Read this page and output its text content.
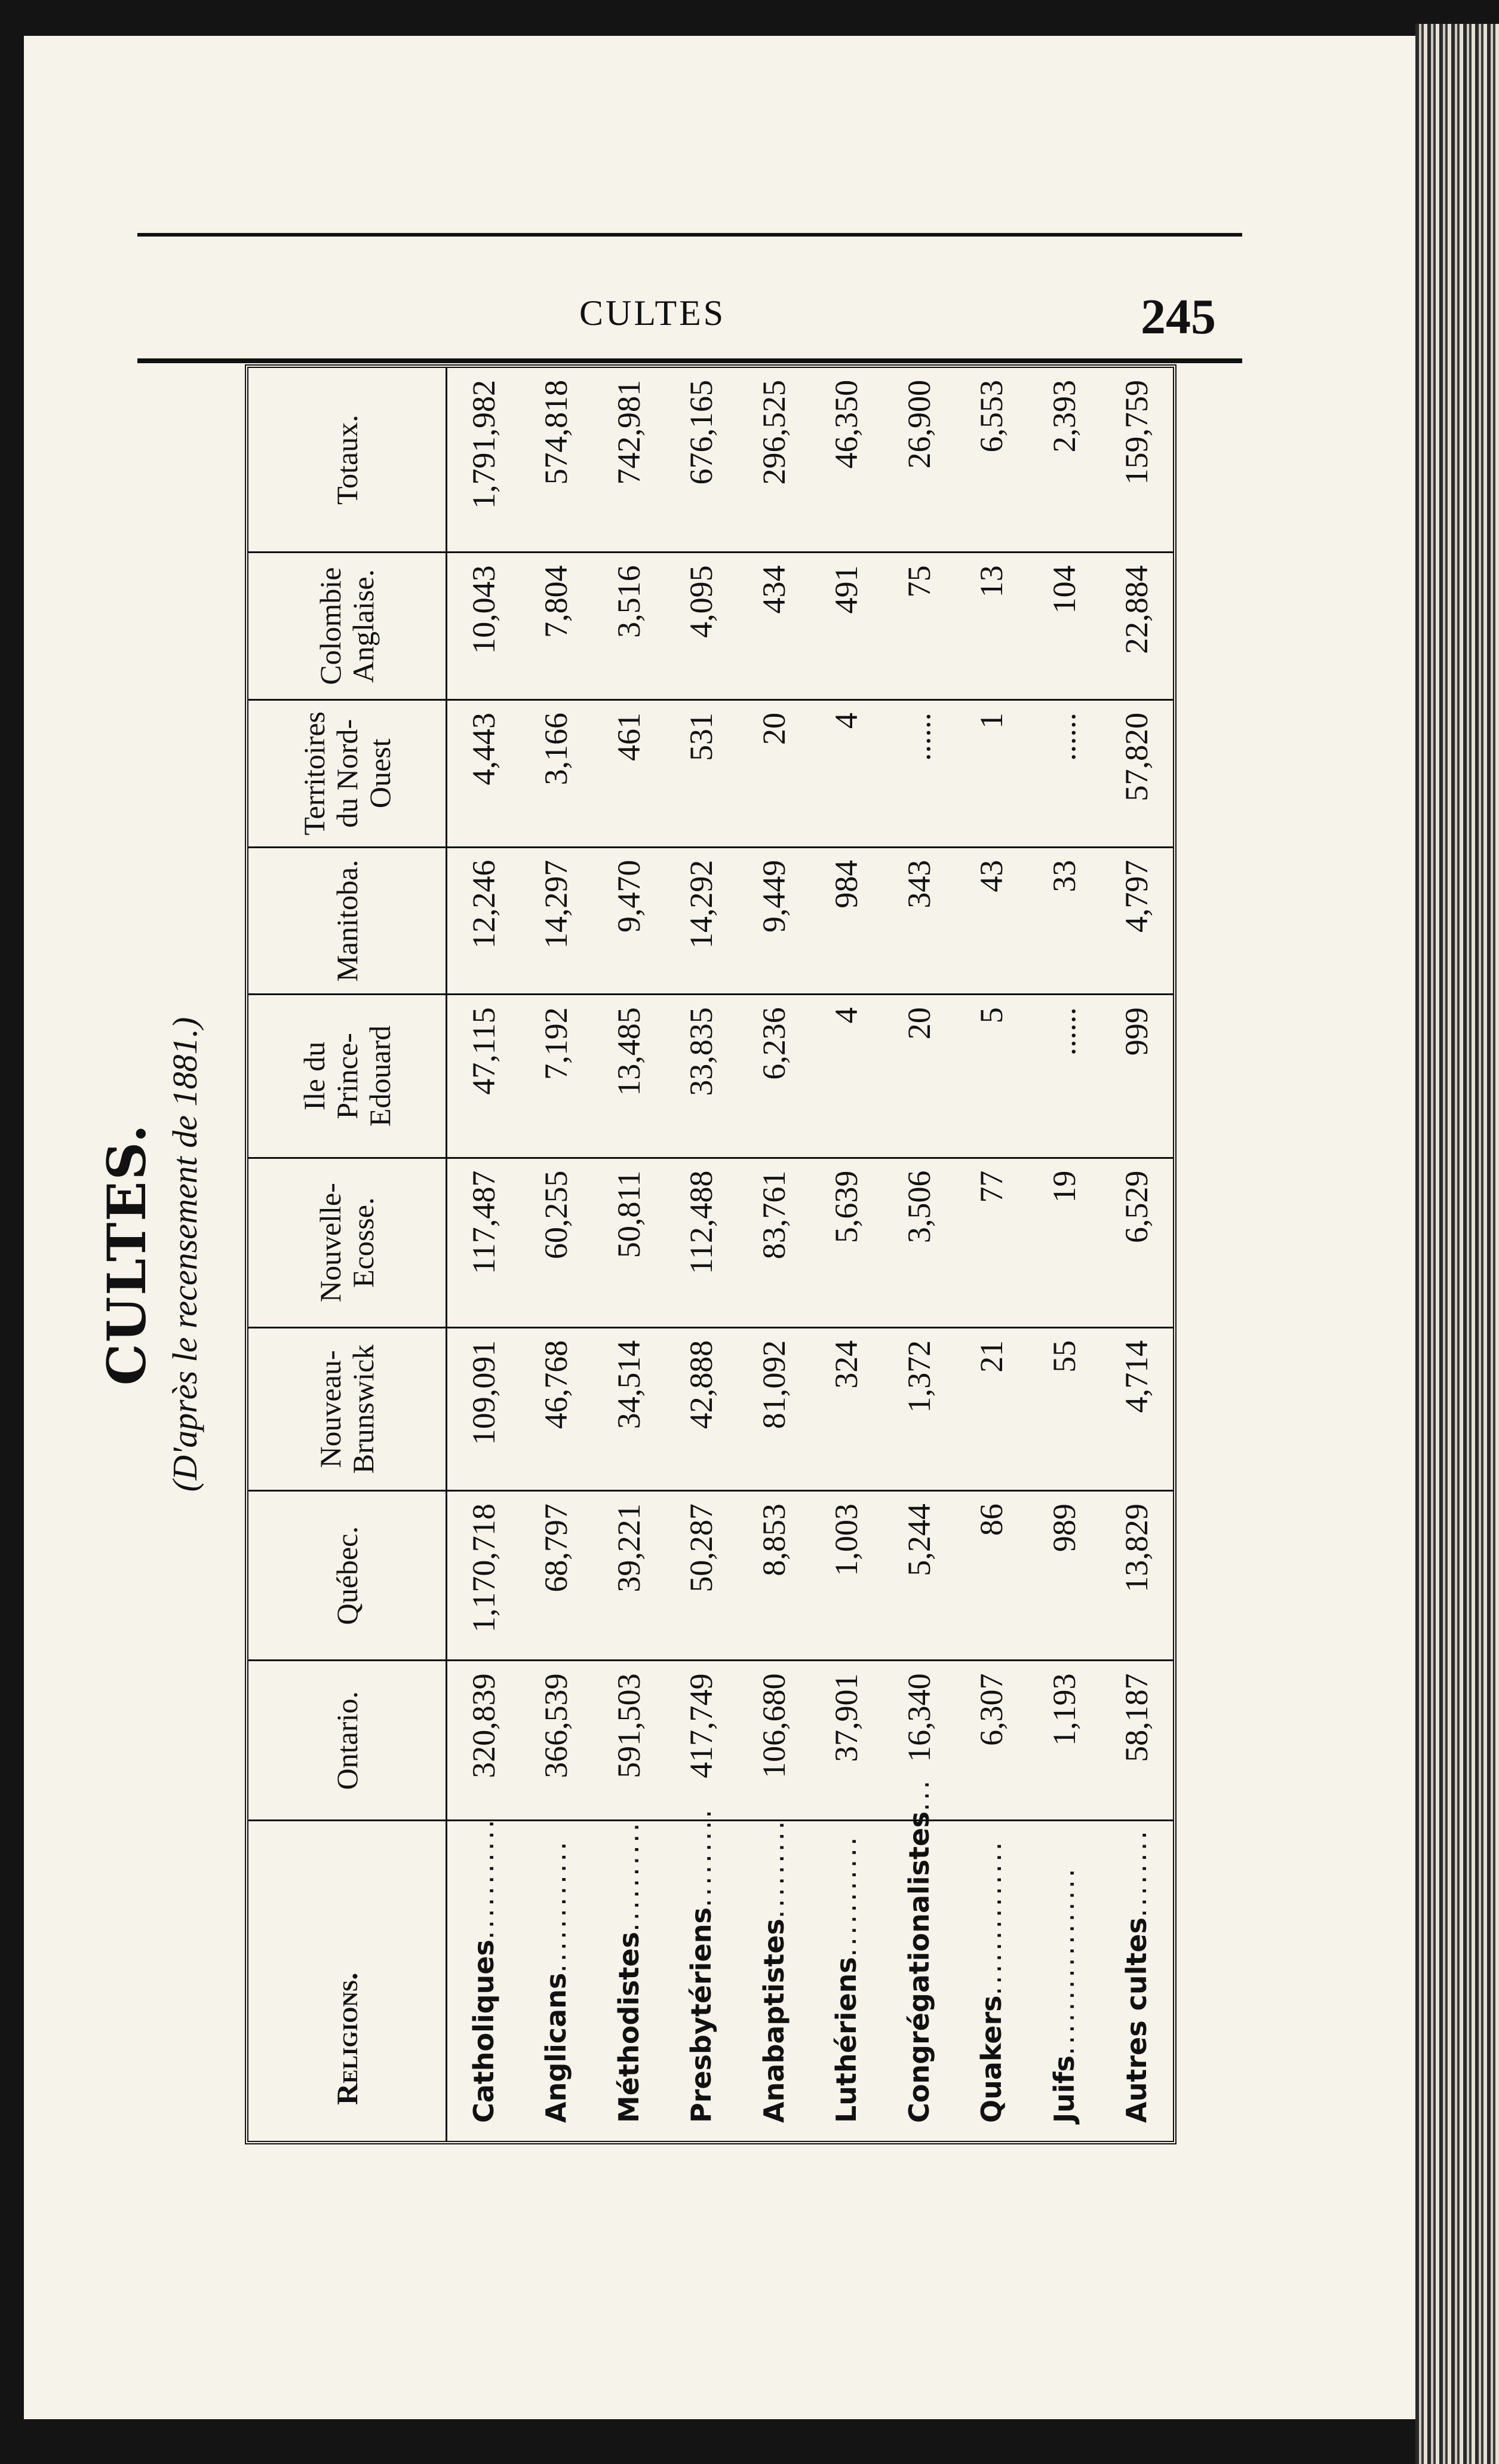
CULTES	245
CULTES. (D'après le recensement de 1881.)
Religions.	Ontario.	Québec.	Nouveau-Brunswick	Nouvelle-Ecosse.	Ile du Prince-Edouard	Manitoba.	Territoires du Nord-Ouest	Colombie Anglaise.	Totaux.
Catholiques...........	320,839	1,170,718	109,091	117,487	47,115	12,246	4,443	10,043	1,791,982
Anglicans............	366,539	68,797	46,768	60,255	7,192	14,297	3,166	7,804	574,818
Méthodistes..........	591,503	39,221	34,514	50,811	13,485	9,470	461	3,516	742,981
Presbytériens.........	417,749	50,287	42,888	112,488	33,835	14,292	531	4,095	676,165
Anabaptistes.........	106,680	8,853	81,092	83,761	6,236	9,449	20	434	296,525
Luthériens...........	37,901	1,003	324	5,639	4	984	4	491	46,350
Congrégationalistes...	16,340	5,244	1,372	3,506	20	343	......	75	26,900
Quakers..............	6,307	86	21	77	5	43	1	13	6,553
Juifs.................	1,193	989	55	19	......	33	......	104	2,393
Autres cultes........	58,187	13,829	4,714	6,529	999	4,797	57,820	22,884	159,759
